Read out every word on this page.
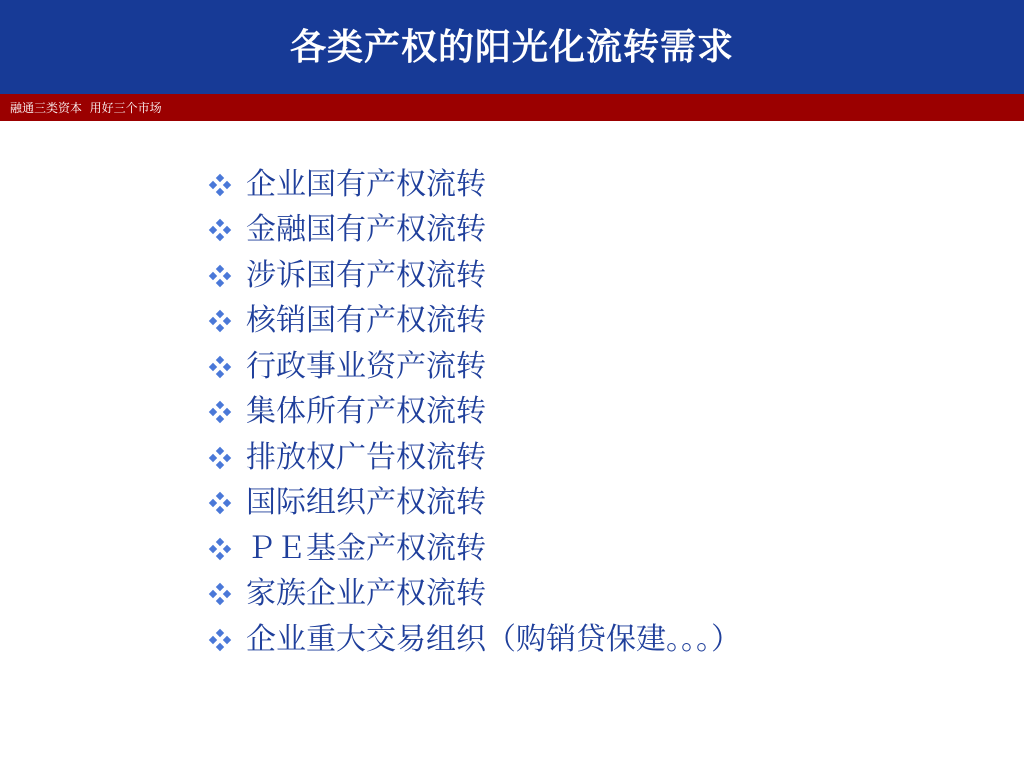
各类产权的阳光化流转需求
融通三类资本  用好三个市场
企业国有产权流转
金融国有产权流转
涉诉国有产权流转
核销国有产权流转
行政事业资产流转
集体所有产权流转
排放权广告权流转
国际组织产权流转
ＰＥ基金产权流转
家族企业产权流转
企业重大交易组织（购销贷保建。。。）
